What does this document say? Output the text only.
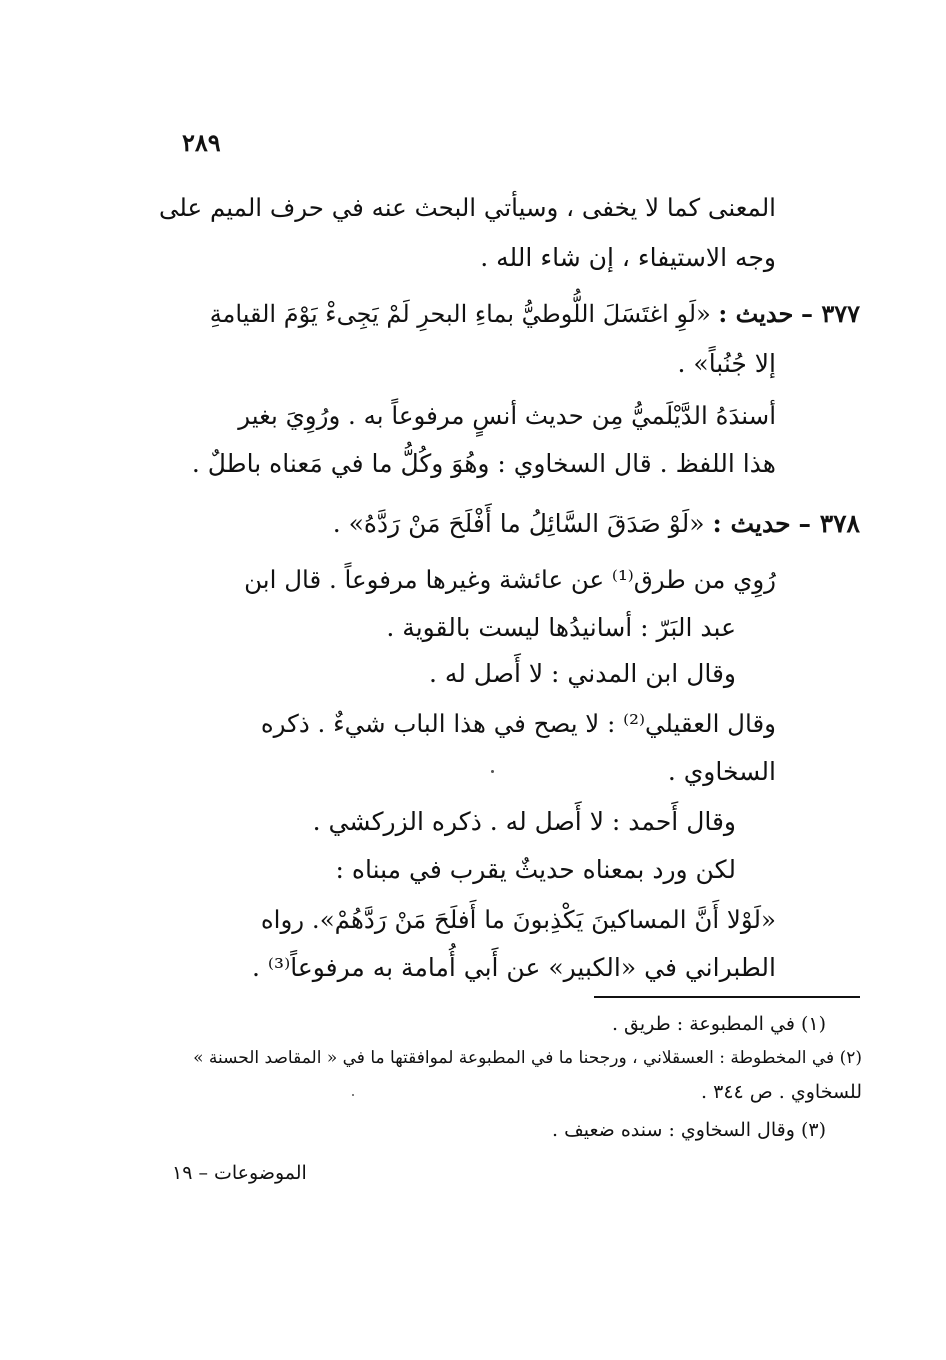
٢٨٩
المعنى كما لا يخفى ، وسيأتي البحث عنه في حرف الميم على
وجه الاستيفاء ، إن شاء الله .
٣٧٧ – حديث : «لَوِ اغتَسَلَ اللُّوطيُّ بماءِ البحرِ لَمْ يَجِىءْ يَوْمَ القيامةِ
إلا جُنُباً» .
أسندَهُ الدَّيْلَميُّ مِن حديث أنسٍ مرفوعاً به . ورُوِيَ بغير
هذا اللفظ . قال السخاوي : وهُوَ وكُلُّ ما في مَعناه باطلٌ .
٣٧٨ – حديث : «لَوْ صَدَقَ السَّائِلُ ما أَفْلَحَ مَنْ رَدَّهُ» .
رُوِي من طرق⁽¹⁾ عن عائشة وغيرها مرفوعاً . قال ابن
عبد البَرّ : أسانيدُها ليست بالقوية .
وقال ابن المدني : لا أَصل له .
وقال العقيلي⁽²⁾ : لا يصح في هذا الباب شيءٌ . ذكره
السخاوي .
وقال أَحمد : لا أَصل له . ذكره الزركشي .
لكن ورد بمعناه حديثٌ يقرب في مبناه :
«لَوْلا أَنَّ المساكينَ يَكْذِبونَ ما أَفلَحَ مَنْ رَدَّهُمْ». رواه
الطبراني في «الكبير» عن أَبي أُمامة به مرفوعاً⁽³⁾ .
(١) في المطبوعة : طريق .
(٢) في المخطوطة : العسقلاني ، ورجحنا ما في المطبوعة لموافقتها ما في « المقاصد الحسنة »
للسخاوي . ص ٣٤٤ .
(٣) وقال السخاوي : سنده ضعيف .
الموضوعات – ١٩
